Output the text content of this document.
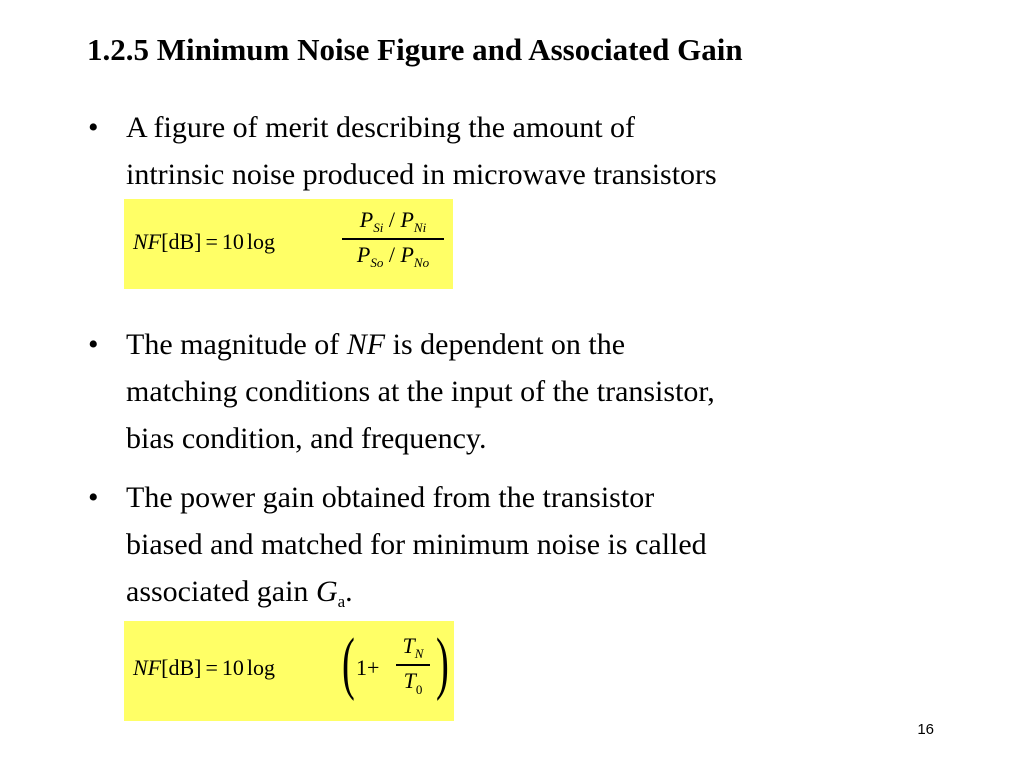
1.2.5 Minimum Noise Figure and Associated Gain
• A figure of merit describing the amount of
intrinsic noise produced in microwave transistors
NF[dB] = 10 log
$P_{Si} / P_{Ni}$
$P_{So} / P_{No}$
• The magnitude of NF is dependent on the
matching conditions at the input of the transistor,
bias condition, and frequency.
• The power gain obtained from the transistor
biased and matched for minimum noise is called
associated gain $G_a$.
NF[dB] = 10 log ( 1+
$T_N$
$T_0$ )
16
